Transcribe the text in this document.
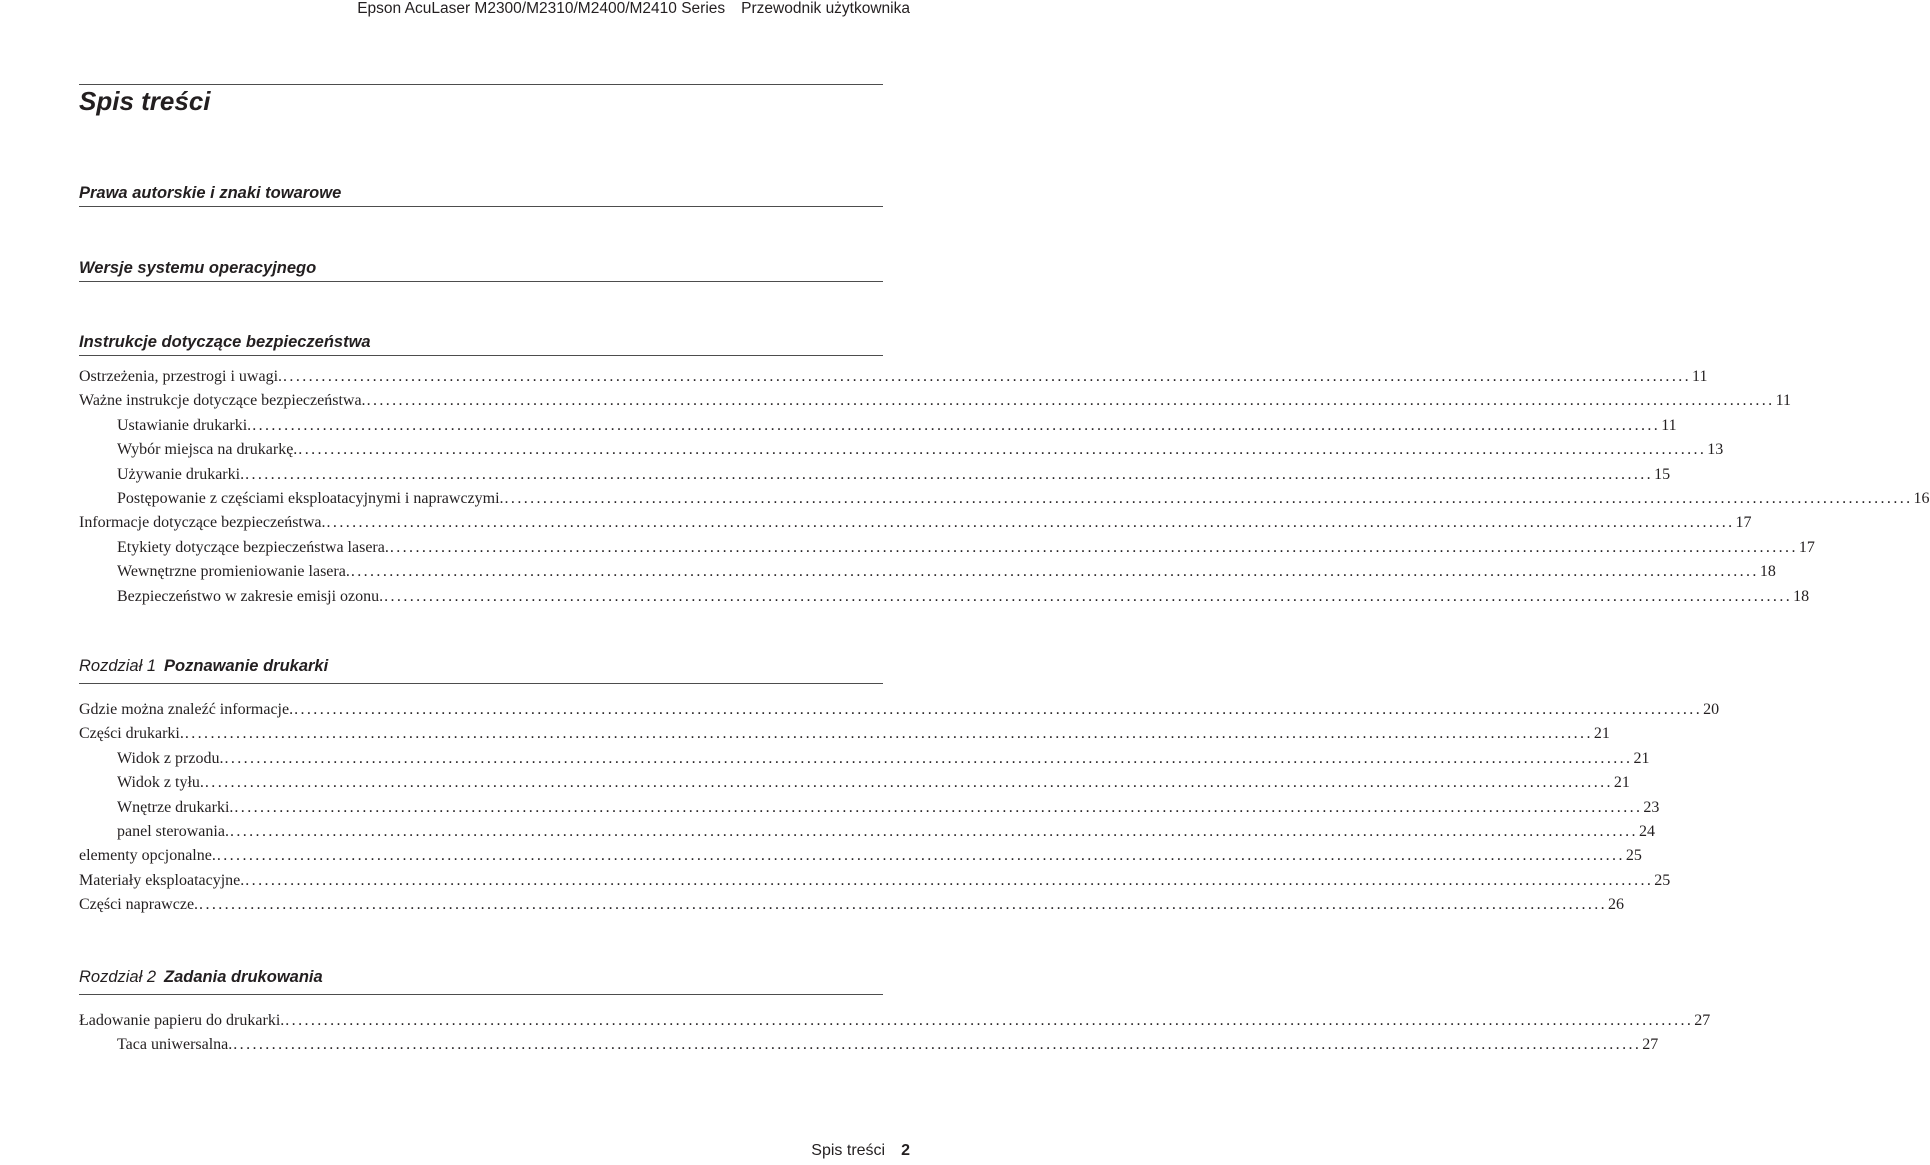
Epson AcuLaser M2300/M2310/M2400/M2410 Series Przewodnik użytkownika
Spis treści
Prawa autorskie i znaki towarowe
Wersje systemu operacyjnego
Instrukcje dotyczące bezpieczeństwa
Ostrzeżenia, przestrogi i uwagi. ............................................................................................................................................................................................................................ 11
Ważne instrukcje dotyczące bezpieczeństwa. ............................................................................................................................................................................................................................ 11
Ustawianie drukarki. ............................................................................................................................................................................................................................ 11
Wybór miejsca na drukarkę. ............................................................................................................................................................................................................................ 13
Używanie drukarki. ............................................................................................................................................................................................................................ 15
Postępowanie z częściami eksploatacyjnymi i naprawczymi. ............................................................................................................................................................................................................................ 16
Informacje dotyczące bezpieczeństwa. ............................................................................................................................................................................................................................ 17
Etykiety dotyczące bezpieczeństwa lasera. ............................................................................................................................................................................................................................ 17
Wewnętrzne promieniowanie lasera. ............................................................................................................................................................................................................................ 18
Bezpieczeństwo w zakresie emisji ozonu. ............................................................................................................................................................................................................................ 18
Rozdział 1 Poznawanie drukarki
Gdzie można znaleźć informacje. ............................................................................................................................................................................................................................ 20
Części drukarki. ............................................................................................................................................................................................................................ 21
Widok z przodu. ............................................................................................................................................................................................................................ 21
Widok z tyłu. ............................................................................................................................................................................................................................ 21
Wnętrze drukarki. ............................................................................................................................................................................................................................ 23
panel sterowania. ............................................................................................................................................................................................................................ 24
elementy opcjonalne. ............................................................................................................................................................................................................................ 25
Materiały eksploatacyjne. ............................................................................................................................................................................................................................ 25
Części naprawcze. ............................................................................................................................................................................................................................ 26
Rozdział 2 Zadania drukowania
Ładowanie papieru do drukarki. ............................................................................................................................................................................................................................ 27
Taca uniwersalna. ............................................................................................................................................................................................................................ 27
Spis treści 2
